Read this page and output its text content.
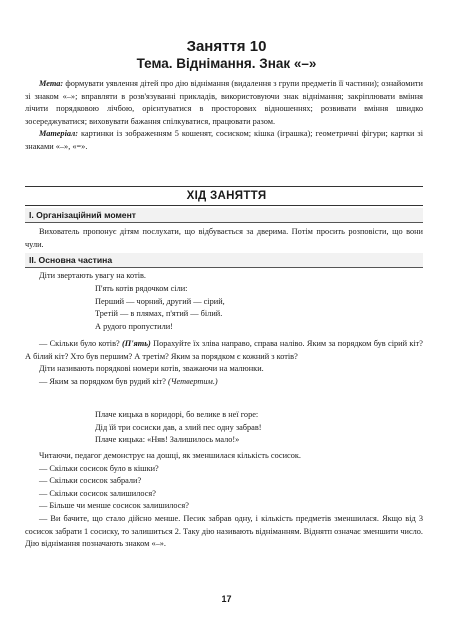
Заняття 10
Тема. Віднімання. Знак «–»

Мета: формувати уявлення дітей про дію віднімання (видалення з групи предметів її частини); ознайомити зі знаком «–»; вправляти в розв'язуванні прикладів, використовуючи знак віднімання; закріплювати вміння лічити порядковою лічбою, орієнтуватися в просторових відношеннях; розвивати вміння швидко зосереджуватися; виховувати бажання спілкуватися, працювати разом.

Матеріал: картинки із зображенням 5 кошенят, сосиском; кішка (іграшка); геометричні фігури; картки зі знаками «–», «=».

ХІД ЗАНЯТТЯ
І. Організаційний момент

Вихователь пропонує дітям послухати, що відбувається за дверима. Потім просить розповісти, що вони чули.

ІІ. Основна частина

Діти звертають увагу на котів.

П'ять котів рядочком сіли:

Перший — чорний, другий — сірий,

Третій — в плямах, п'ятий — білий.

А рудого пропустили!

— Скільки було котів? (П'ять) Порахуйте їх зліва направо, справа наліво. Яким за порядком був сірий кіт? А білий кіт? Хто був першим? А третім? Яким за порядком є кожний з котів?

Діти називають порядкові номери котів, зважаючи на малюнки.

— Яким за порядком був рудий кіт? (Четвертим.)

Плаче кицька в коридорі, бо велике в неї горе:

Дід їй три сосиски дав, а злий пес одну забрав!

Плаче кицька: «Няв! Залишилось мало!»

Читаючи, педагог демонструє на дошці, як зменшилася кількість сосисок.

— Скільки сосисок було в кішки?

— Скільки сосисок забрали?

— Скільки сосисок залишилося?

— Більше чи менше сосисок залишилося?

— Ви бачите, що стало дійсно менше. Песик забрав одну, і кількість предметів зменшилася. Якщо від 3 сосисок забрати 1 сосиску, то залишиться 2. Таку дію називають відніманням. Віднятп означає зменшити число. Дію віднімання позначають знаком «–».

17
